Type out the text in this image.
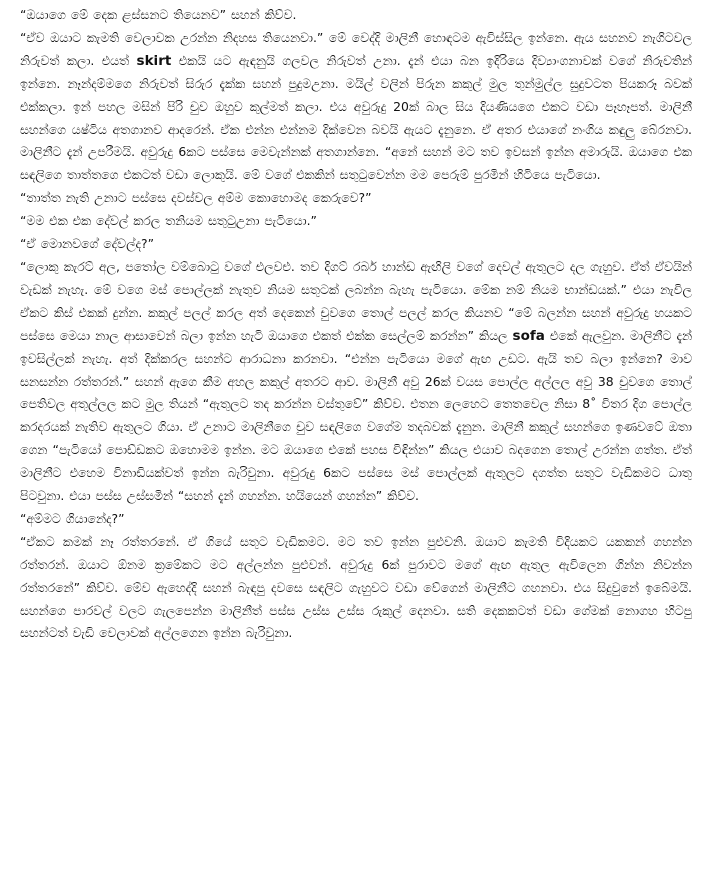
“ඔයාගෙ මේ දෙක ළස්සනට තියෙනව” සහන් කිව්ව.

“ඒව ඔයාට කැමති වෙලාවක උරන්න නිදහස තියෙනවා.” මේ වෙද්දි මාලිනී හොඳටම ඇවිස්සිල ඉන්නෙ. ඇය සහනව නැගිටවල නිරුවත් කලා. එයත් skirt එකයි යට ඇඳනුයි ගලවල නිරුවත් උනා. දැන් එයා බන ඉදිරියෙ දිව්‍යාංගනාවක් වගේ නිරුවතින් ඉන්නෙ. නෑන්දම්මගෙ නිරුවත් සිරුර දැක්ක සහන් පුදුමඋනා. මයිල් වලින් පිරුන කකුල් මුල තුන්මුල්ල සුදුවටත පියකරූ බවක් එක්කලා. ඉන් පහල මසින් පිරි චුව ඔහුව කුල්මත් කලා. එය අවුරුදු 20ක් බාල සිය දියණියගෙ එකට වඩා පෑහෑපත්. මාලිනී සහන්ගෙ යෂ්ටිය අතගානව ආදරෙන්. ඒක එන්න එන්නම දික්වෙන බවයි ඇයට දැනුනෙ. ඒ අතර එයාගේ නංගිය කඳුලු බේරනවා. මාලිනීට දැන් උපරීමයි. අවුරුදු 6කට පස්සෙ මෙවැන්නක් අතගාන්නෙ. “අනේ සහන් මට තව ඉවසන් ඉන්න අමාරුයි. ඔයාගෙ එක සඳලිගෙ තාත්තගෙ එකටත් වඩා ලොකුයි. මේ වගේ එකකින් සතුටුවෙන්න මම පෙරුම් පුරමින් හිටියෙ පැටියො.

“තාත්ත නැති උනාට පස්සෙ දවස්වල අම්ම කොහොමද කෙරුවෙ?”

“මම එක එක දේවල් කරල තනියම සතුටුඋනා පැටියො.”

“ඒ මොනවගේ දේවල්ද?”

“ලොකු කැරට් අල, පතෝල වම්බොටු වගේ එලවළු. තව දිගට් රබර් හාන්ඩ ඇඟිලි වගේ දෙවල් ඇතුලට දල ගැහුව. ඒත් ඒවයින් වැඩක් නැහැ. මේ වගෙ මස් පොල්ලක් නැතුව නියම සතුටක් ලබන්න බැහැ පැටියො. මේක නම් නියම භාන්ඩයක්.” එයා නැවිල ඒකට කිස් එකක් දුන්න. කකුල් පලල් කරල අත් දෙකෙන් චුවගෙ තොල් පලල් කරල කියනව “මේ බලන්න සහන් අවුරුදු හයකට පස්සෙ මෙයා නාල ආසාවෙන් බලා ඉන්න හැටි ඔයාගෙ එකත් එක්ක සෙල්ලම් කරන්න” කියල sofa එකේ ඇලවුන. මාලිනීට දැන් ඉවසිල්ලක් නැහැ. අත් දික්කරල සහන්ට ආරාධනා කරනවා. “එන්න පැටියො මගේ ඇඟ උඩට. ඇයි තව බලා ඉන්නෙ? මාව සනසන්න රත්තරන්.” සහන් ඇගෙ කීම අහල කකුල් අතරට ආව. මාලිනී අවු 26ක් වයස පොල්ල අල්ලල අවු 38 චුවගෙ තොල් පෙතිවල අතුල්ලල කට මුල තියන් “ඇතුලට තද කරන්න වස්තුවේ” කිව්ව. එතන ලෙහෙට තෙතවෙල නිසා 8˚ විතර දිග පොල්ල කරදරයක් නැතිව ඇතුලට ගියා. ඒ උනාට මාලිනීගෙ චුව සඳලිගෙ වගේම තදබවක් දැනුන. මාලිනී කකුල් සහන්ගෙ ඉණවටේ ඔතා ගෙන “පැටියෝ පොඩ්ඩකට ඔහොමම ඉන්න. මට ඔයාගෙ එකේ පහස විඳින්න” කියල එයාව බදගෙන තොල් උරන්න ගත්ත. ඒත් මාලිනීට එහෙම විනාඩියක්වත් ඉන්න බැරිවුනා. අවුරුදු 6කට පස්සෙ මස් පොල්ලක් ඇතුලට දගත්ත සතුට වැඩිකමට ධාතු පිටවුනා. එයා පස්ස උස්සමින් “සහන් දැන් ගහන්න. හයියෙන් ගහන්න” කිව්ව.

“අම්මට ගියානේද?”

“ඒකට කමක් නෑ රත්තරනේ. ඒ ගියේ සතුට වැඩිකමට. මට තව ඉන්න පුළුවනි. ඔයාට කැමති විදියකට යකකන් ගහන්න රත්තරන්. ඔයාට ඕනම ක්‍රමේකට මට අල්ලන්න පුළුවන්. අවුරුදු 6ක් පුරාවට මගේ ඇඟ ඇතුල ඇවිලෙන ගින්න නිවන්න රත්තරනේ” කිව්ව. මේව ඇහෙද්දි සහන් බැඳපු දවසෙ සඳලිට ගැහුවට වඩා වේගෙන් මාලිනීට ගහනවා. එය සිදුවුනේ ඉබේමයි. සහන්ගෙ පාරවල් වලට ගැලපෙන්න මාලිනීත් පස්ස උස්ස උස්ස රුකුල් දෙනවා. සති දෙකකටත් වඩා ගේමක් නොගහ හිටපු සහන්ටත් වැඩි වෙලාවක් අල්ලගෙන ඉන්න බැරිවුනා.
